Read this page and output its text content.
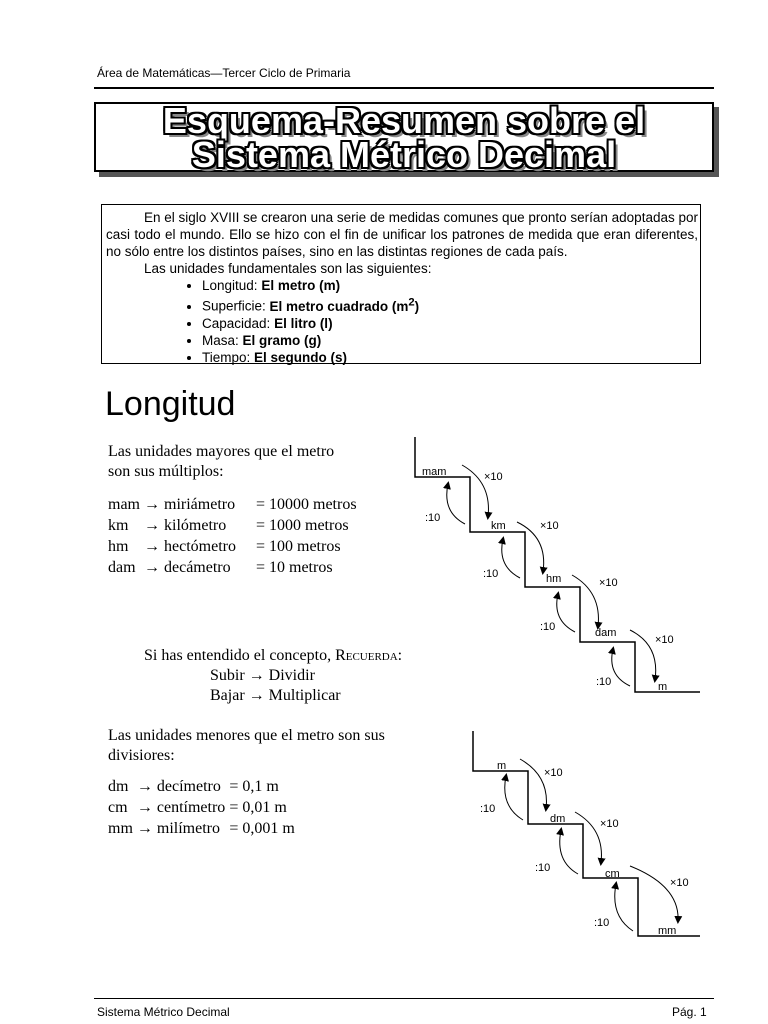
Área de Matemáticas—Tercer Ciclo de Primaria
Esquema-Resumen sobre el
Sistema Métrico Decimal

En el siglo XVIII se crearon una serie de medidas comunes que pronto serían adoptadas por casi todo el mundo. Ello se hizo con el fin de unificar los patrones de medida que eran diferentes, no sólo entre los distintos países, sino en las distintas regiones de cada país.

Las unidades fundamentales son las siguientes:

• Longitud: El metro (m)
• Superficie: El metro cuadrado $(m^2)$
• Capacidad: El litro (l)
• Masa: El gramo (g)
• Tiempo: El segundo (s)
Longitud

Las unidades mayores que el metro

son sus múltiplos:

mam	→	miriámetro	=	10000 metros
km	→	kilómetro	=	1000 metros
hm	→	hectómetro	=	100 metros
dam	→	decámetro	=	10 metros

Si has entendido el concepto, Recuerda:

Subir → Dividir

Bajar → Multiplicar

Las unidades menores que el metro son sus

divisiores:

dm	→	decímetro	=	0,1 m
cm	→	centímetro	=	0,01 m
mm	→	milímetro	=	0,001 m
mam
km
hm
dam
m
×10
×10
×10
×10
:10
:10
:10
:10
m
dm
cm
mm
×10
×10
×10
:10
:10
:10
Sistema Métrico Decimal	Pág. 1
